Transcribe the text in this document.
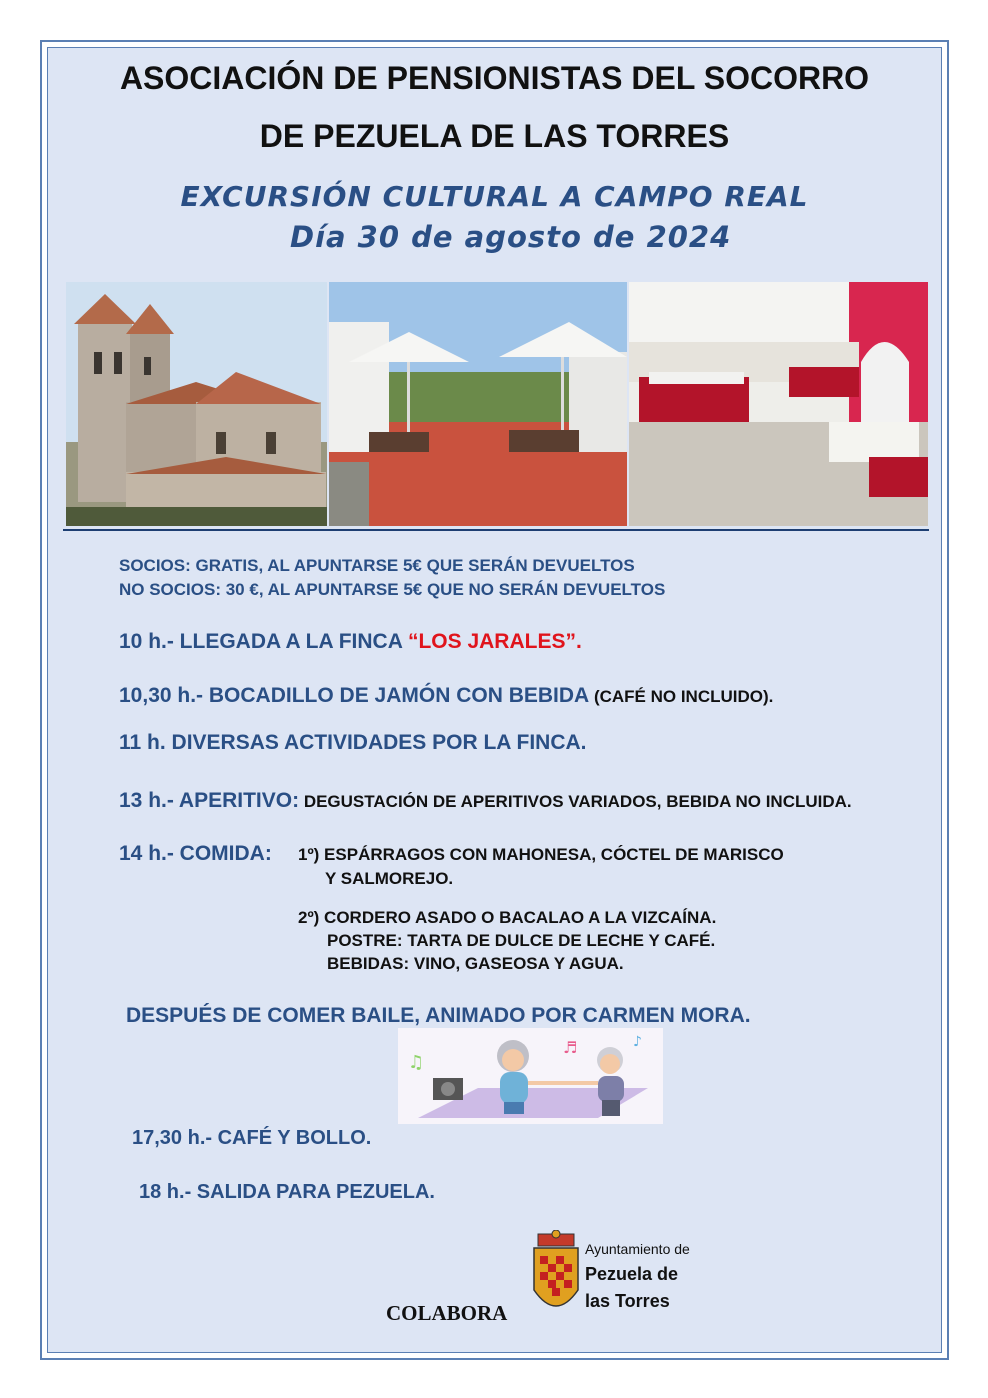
ASOCIACIÓN DE PENSIONISTAS DEL SOCORRO
DE PEZUELA DE LAS TORRES
EXCURSIÓN CULTURAL A CAMPO REAL
Día 30 de agosto de 2024
SOCIOS: GRATIS, AL APUNTARSE 5€ QUE SERÁN DEVUELTOS
NO SOCIOS: 30 €, AL APUNTARSE 5€ QUE NO SERÁN DEVUELTOS
10 h.- LLEGADA A LA FINCA “LOS JARALES”.
10,30 h.- BOCADILLO DE JAMÓN CON BEBIDA (CAFÉ NO INCLUIDO).
11 h. DIVERSAS ACTIVIDADES POR LA FINCA.
13 h.- APERITIVO: DEGUSTACIÓN DE APERITIVOS VARIADOS, BEBIDA NO INCLUIDA.
14 h.- COMIDA: 1º) ESPÁRRAGOS CON MAHONESA, CÓCTEL DE MARISCO
Y SALMOREJO.
2º) CORDERO ASADO O BACALAO A LA VIZCAÍNA.
POSTRE: TARTA DE DULCE DE LECHE Y CAFÉ.
BEBIDAS: VINO, GASEOSA Y AGUA.
DESPUÉS DE COMER BAILE, ANIMADO POR CARMEN MORA.
♫
♬	♪
17,30 h.- CAFÉ Y BOLLO.
18 h.- SALIDA PARA PEZUELA.
COLABORA
Ayuntamiento de
Pezuela de
las Torres
